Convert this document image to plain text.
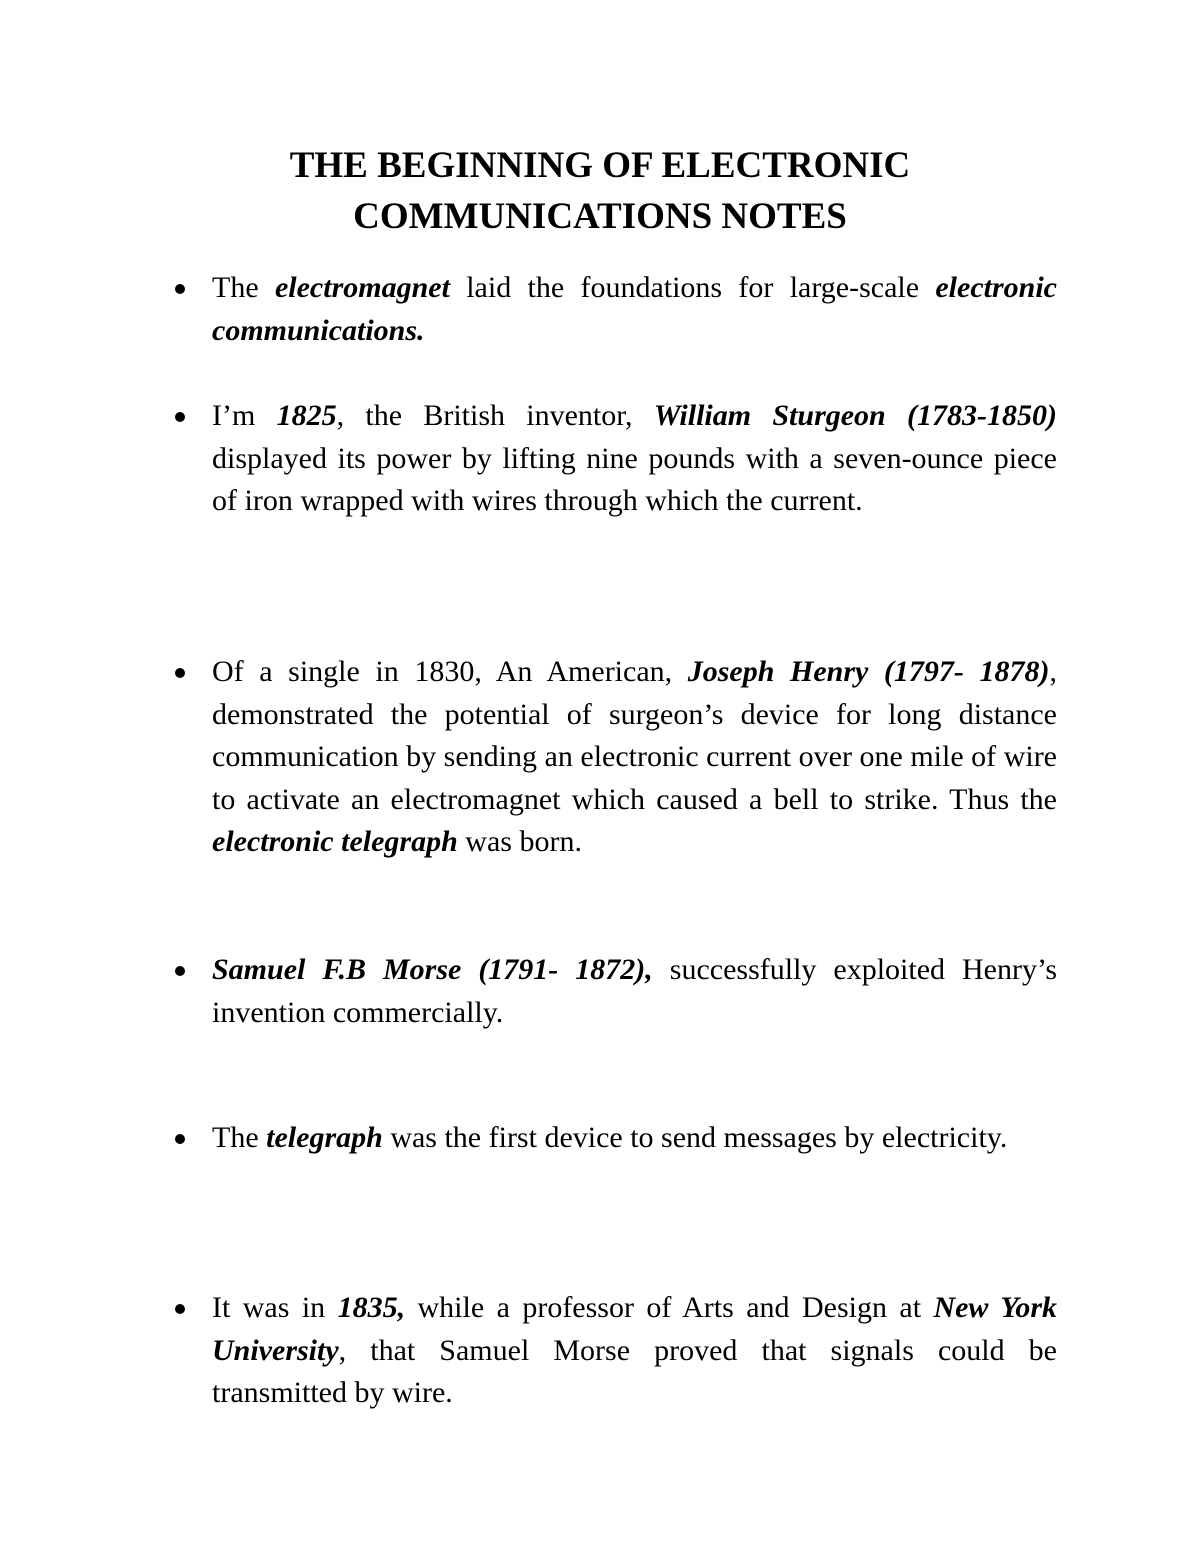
THE BEGINNING OF ELECTRONIC
COMMUNICATIONS NOTES

The electromagnet laid the foundations for large-scale electronic communications.

I’m 1825, the British inventor, William Sturgeon (1783-1850) displayed its power by lifting nine pounds with a seven-ounce piece of iron wrapped with wires through which the current.

Of a single in 1830, An American, Joseph Henry (1797- 1878), demonstrated the potential of surgeon’s device for long distance communication by sending an electronic current over one mile of wire to activate an electromagnet which caused a bell to strike. Thus the electronic telegraph was born.

Samuel F.B Morse (1791- 1872), successfully exploited Henry’s invention commercially.

The telegraph was the first device to send messages by electricity.

It was in 1835, while a professor of Arts and Design at New York University, that Samuel Morse proved that signals could be transmitted by wire.
